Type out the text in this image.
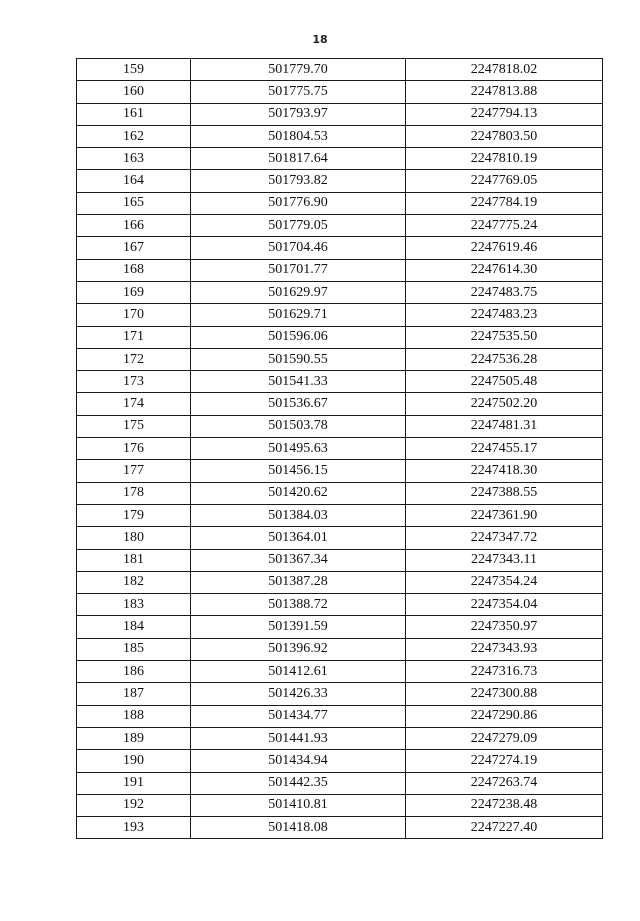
18
159	501779.70	2247818.02
160	501775.75	2247813.88
161	501793.97	2247794.13
162	501804.53	2247803.50
163	501817.64	2247810.19
164	501793.82	2247769.05
165	501776.90	2247784.19
166	501779.05	2247775.24
167	501704.46	2247619.46
168	501701.77	2247614.30
169	501629.97	2247483.75
170	501629.71	2247483.23
171	501596.06	2247535.50
172	501590.55	2247536.28
173	501541.33	2247505.48
174	501536.67	2247502.20
175	501503.78	2247481.31
176	501495.63	2247455.17
177	501456.15	2247418.30
178	501420.62	2247388.55
179	501384.03	2247361.90
180	501364.01	2247347.72
181	501367.34	2247343.11
182	501387.28	2247354.24
183	501388.72	2247354.04
184	501391.59	2247350.97
185	501396.92	2247343.93
186	501412.61	2247316.73
187	501426.33	2247300.88
188	501434.77	2247290.86
189	501441.93	2247279.09
190	501434.94	2247274.19
191	501442.35	2247263.74
192	501410.81	2247238.48
193	501418.08	2247227.40
